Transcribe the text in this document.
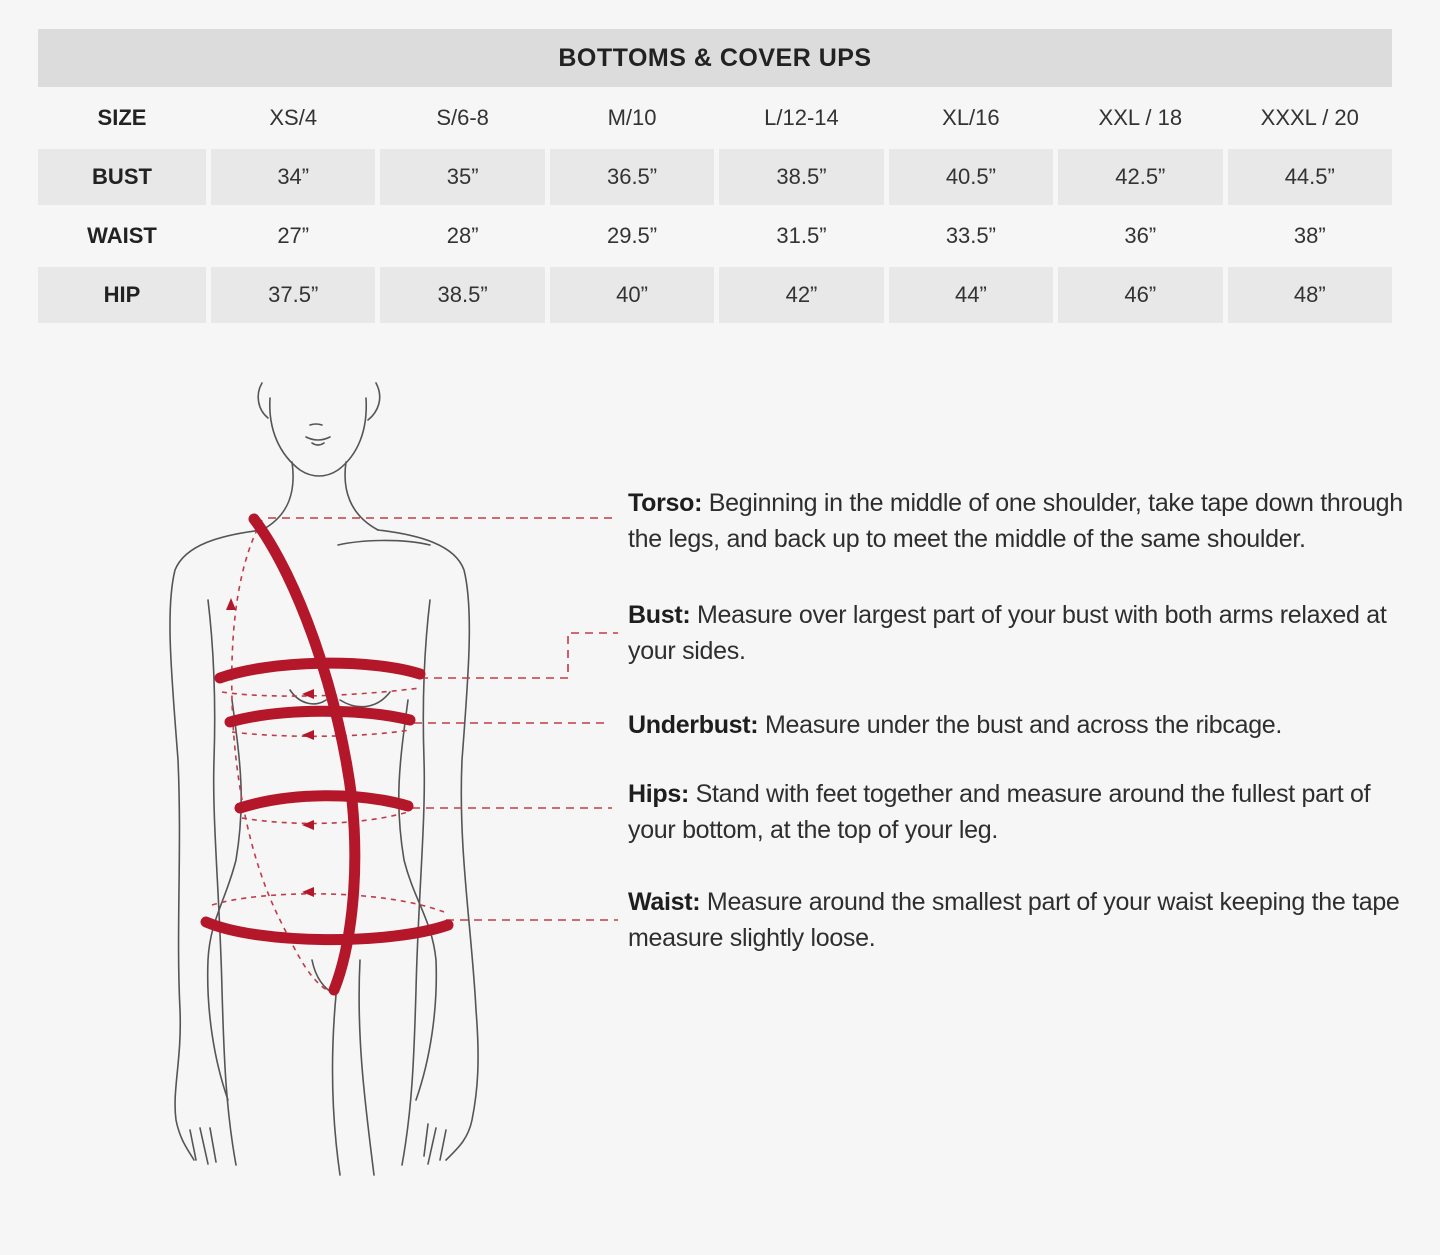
BOTTOMS & COVER UPS							
SIZE	XS/4	S/6-8	M/10	L/12-14	XL/16	XXL / 18	XXXL / 20
BUST	34”	35”	36.5”	38.5”	40.5”	42.5”	44.5”
WAIST	27”	28”	29.5”	31.5”	33.5”	36”	38”
HIP	37.5”	38.5”	40”	42”	44”	46”	48”

Torso: Beginning in the middle of one shoulder, take tape down through the legs, and back up to meet the middle of the same shoulder.

Bust: Measure over largest part of your bust with both arms relaxed at your sides.

Underbust: Measure under the bust and across the ribcage.

Hips: Stand with feet together and measure around the fullest part of your bottom, at the top of your leg.

Waist: Measure around the smallest part of your waist keeping the tape measure slightly loose.
